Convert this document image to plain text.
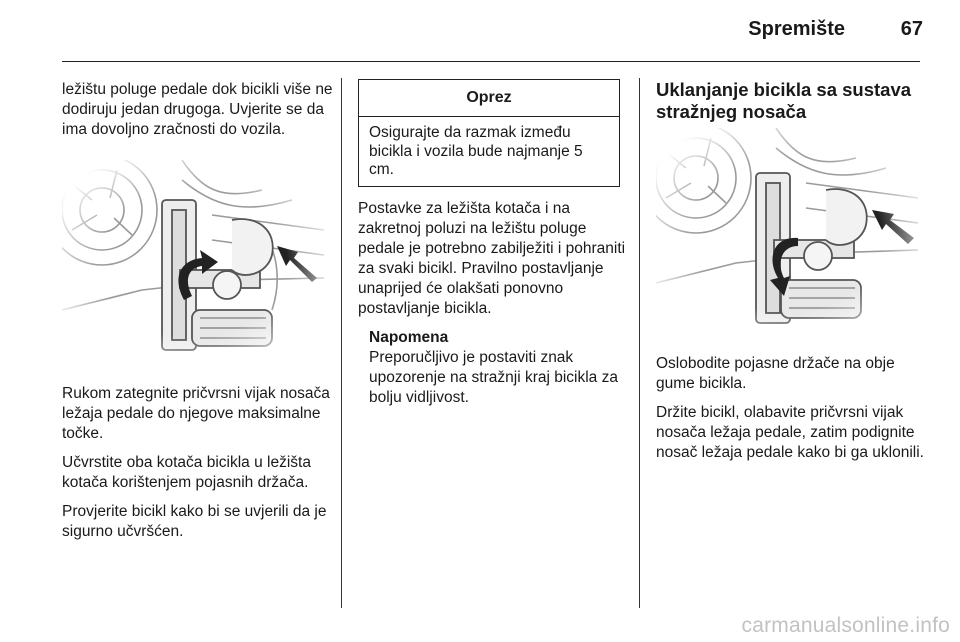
Spremište	67

ležištu poluge pedale dok bicikli više ne dodiruju jedan drugoga. Uvjerite se da ima dovoljno zračnosti do vozila.

Rukom zategnite pričvrsni vijak nosača ležaja pedale do njegove maksimalne točke.

Učvrstite oba kotača bicikla u ležišta kotača korištenjem pojasnih držača.

Provjerite bicikl kako bi se uvjerili da je sigurno učvršćen.

Oprez
Osigurajte da razmak između bicikla i vozila bude najmanje 5 cm.

Postavke za ležišta kotača i na zakretnoj poluzi na ležištu poluge pedale je potrebno zabilježiti i pohraniti za svaki bicikl. Pravilno postavljanje unaprijed će olakšati ponovno postavljanje bicikla.

Napomena
Preporučljivo je postaviti znak upozorenje na stražnji kraj bicikla za bolju vidljivost.
Uklanjanje bicikla sa sustava stražnjeg nosača

Oslobodite pojasne držače na obje gume bicikla.

Držite bicikl, olabavite pričvrsni vijak nosača ležaja pedale, zatim podignite nosač ležaja pedale kako bi ga uklonili.

carmanualsonline.info
